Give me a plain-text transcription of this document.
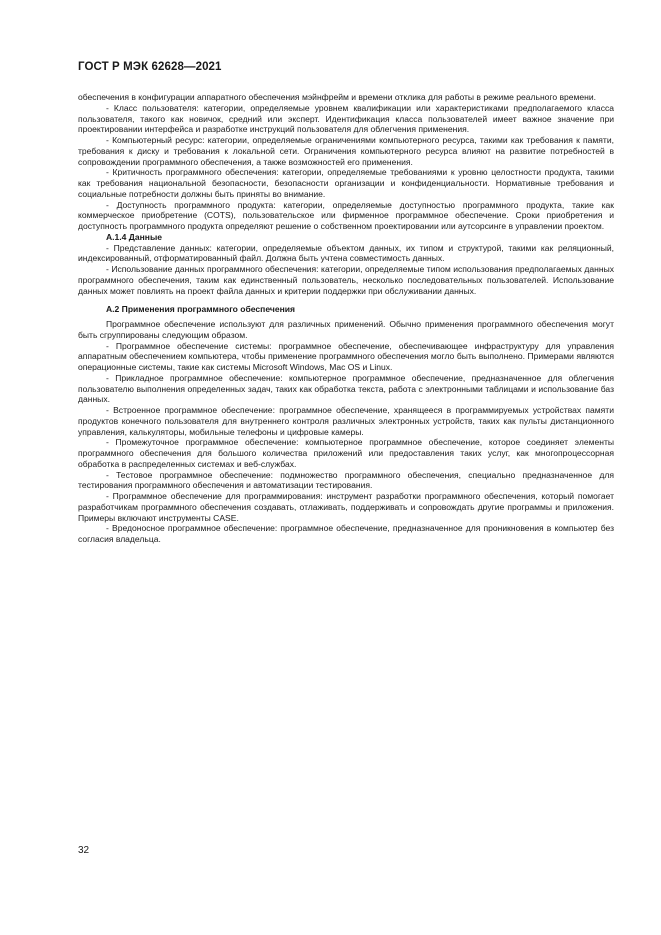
ГОСТ Р МЭК 62628—2021

обеспечения в конфигурации аппаратного обеспечения мэйнфрейм и времени отклика для работы в режиме реального времени.

- Класс пользователя: категории, определяемые уровнем квалификации или характеристиками предполагаемого класса пользователя, такого как новичок, средний или эксперт. Идентификация класса пользователей имеет важное значение при проектировании интерфейса и разработке инструкций пользователя для облегчения применения.

- Компьютерный ресурс: категории, определяемые ограничениями компьютерного ресурса, такими как требования к памяти, требования к диску и требования к локальной сети. Ограничения компьютерного ресурса влияют на развитие потребностей в сопровождении программного обеспечения, а также возможностей его применения.

- Критичность программного обеспечения: категории, определяемые требованиями к уровню целостности продукта, такими как требования национальной безопасности, безопасности организации и конфиденциальности. Нормативные требования и социальные потребности должны быть приняты во внимание.

- Доступность программного продукта: категории, определяемые доступностью программного продукта, такие как коммерческое приобретение (COTS), пользовательское или фирменное программное обеспечение. Сроки приобретения и доступность программного продукта определяют решение о собственном проектировании или аутсорсинге в управлении проектом.

А.1.4 Данные

- Представление данных: категории, определяемые объектом данных, их типом и структурой, такими как реляционный, индексированный, отформатированный файл. Должна быть учтена совместимость данных.

- Использование данных программного обеспечения: категории, определяемые типом использования предполагаемых данных программного обеспечения, таким как единственный пользователь, несколько последовательных пользователей. Использование данных может повлиять на проект файла данных и критерии поддержки при обслуживании данных.

А.2 Применения программного обеспечения

Программное обеспечение используют для различных применений. Обычно применения программного обеспечения могут быть сгруппированы следующим образом.

- Программное обеспечение системы: программное обеспечение, обеспечивающее инфраструктуру для управления аппаратным обеспечением компьютера, чтобы применение программного обеспечения могло быть выполнено. Примерами являются операционные системы, такие как системы Microsoft Windows, Mac OS и Linux.

- Прикладное программное обеспечение: компьютерное программное обеспечение, предназначенное для облегчения пользователю выполнения определенных задач, таких как обработка текста, работа с электронными таблицами и использование баз данных.

- Встроенное программное обеспечение: программное обеспечение, хранящееся в программируемых устройствах памяти продуктов конечного пользователя для внутреннего контроля различных электронных устройств, таких как пульты дистанционного управления, калькуляторы, мобильные телефоны и цифровые камеры.

- Промежуточное программное обеспечение: компьютерное программное обеспечение, которое соединяет элементы программного обеспечения для большого количества приложений или предоставления таких услуг, как многопроцессорная обработка в распределенных системах и веб-службах.

- Тестовое программное обеспечение: подмножество программного обеспечения, специально предназначенное для тестирования программного обеспечения и автоматизации тестирования.

- Программное обеспечение для программирования: инструмент разработки программного обеспечения, который помогает разработчикам программного обеспечения создавать, отлаживать, поддерживать и сопровождать другие программы и приложения. Примеры включают инструменты CASE.

- Вредоносное программное обеспечение: программное обеспечение, предназначенное для проникновения в компьютер без согласия владельца.

32
